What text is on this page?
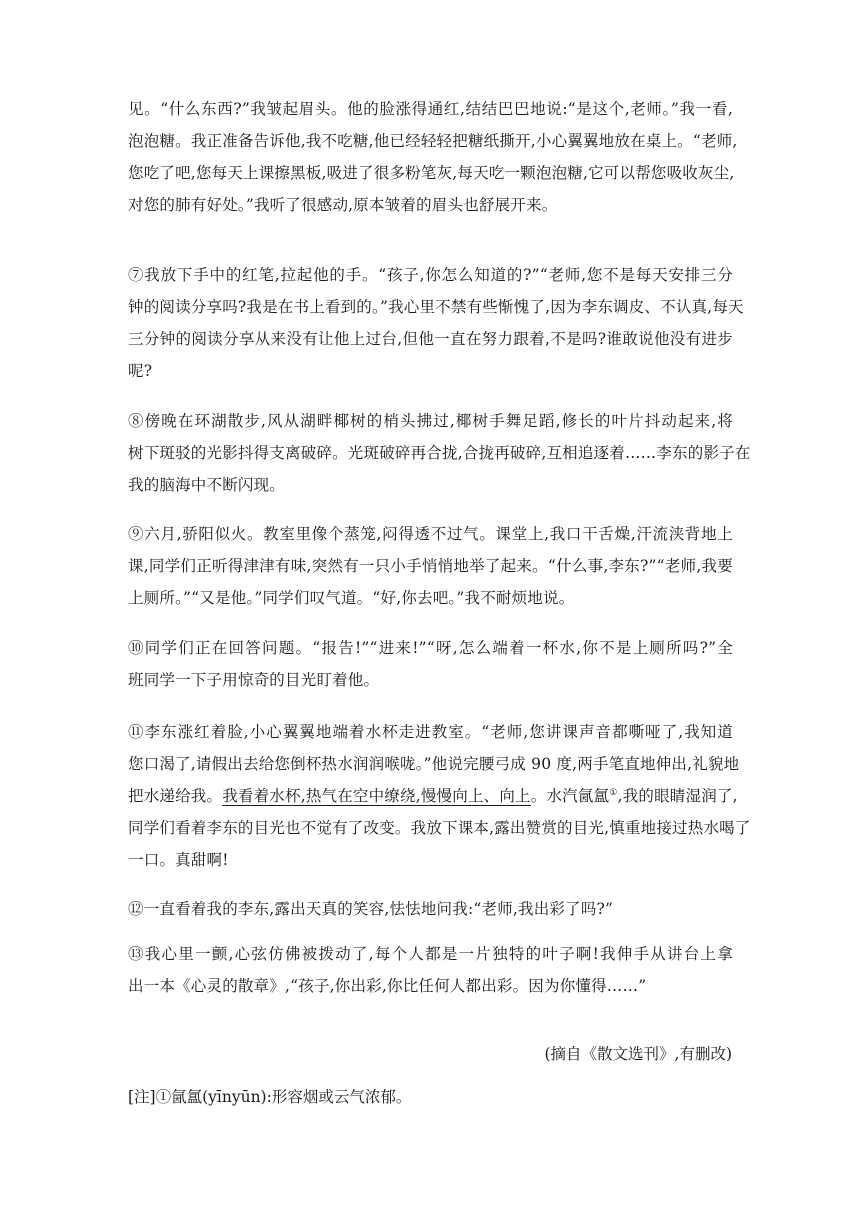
见。“什么东西?”我皱起眉头。他的脸涨得通红,结结巴巴地说:“是这个,老师。”我一看,
泡泡糖。我正准备告诉他,我不吃糖,他已经轻轻把糖纸撕开,小心翼翼地放在桌上。“老师,
您吃了吧,您每天上课擦黑板,吸进了很多粉笔灰,每天吃一颗泡泡糖,它可以帮您吸收灰尘,
对您的肺有好处。”我听了很感动,原本皱着的眉头也舒展开来。

⑦我放下手中的红笔,拉起他的手。“孩子,你怎么知道的?”“老师,您不是每天安排三分
钟的阅读分享吗?我是在书上看到的。”我心里不禁有些惭愧了,因为李东调皮、不认真,每天
三分钟的阅读分享从来没有让他上过台,但他一直在努力跟着,不是吗?谁敢说他没有进步
呢?

⑧傍晚在环湖散步,风从湖畔椰树的梢头拂过,椰树手舞足蹈,修长的叶片抖动起来,将
树下斑驳的光影抖得支离破碎。光斑破碎再合拢,合拢再破碎,互相追逐着……李东的影子在
我的脑海中不断闪现。

⑨六月,骄阳似火。教室里像个蒸笼,闷得透不过气。课堂上,我口干舌燥,汗流浃背地上
课,同学们正听得津津有味,突然有一只小手悄悄地举了起来。“什么事,李东?”“老师,我要
上厕所。”“又是他。”同学们叹气道。“好,你去吧。”我不耐烦地说。

⑩同学们正在回答问题。“报告!”“进来!”“呀,怎么端着一杯水,你不是上厕所吗?”全
班同学一下子用惊奇的目光盯着他。

⑪李东涨红着脸,小心翼翼地端着水杯走进教室。“老师,您讲课声音都嘶哑了,我知道
您口渴了,请假出去给您倒杯热水润润喉咙。”他说完腰弓成 90 度,两手笔直地伸出,礼貌地
把水递给我。我看着水杯,热气在空中缭绕,慢慢向上、向上。水汽氤氲①,我的眼睛湿润了,
同学们看着李东的目光也不觉有了改变。我放下课本,露出赞赏的目光,慎重地接过热水喝了
一口。真甜啊!

⑫一直看着我的李东,露出天真的笑容,怯怯地问我:“老师,我出彩了吗?”

⑬我心里一颤,心弦仿佛被拨动了,每个人都是一片独特的叶子啊!我伸手从讲台上拿
出一本《心灵的散章》,“孩子,你出彩,你比任何人都出彩。因为你懂得……”

(摘自《散文选刊》,有删改)
[注]①氤氲(yīnyūn):形容烟或云气浓郁。
